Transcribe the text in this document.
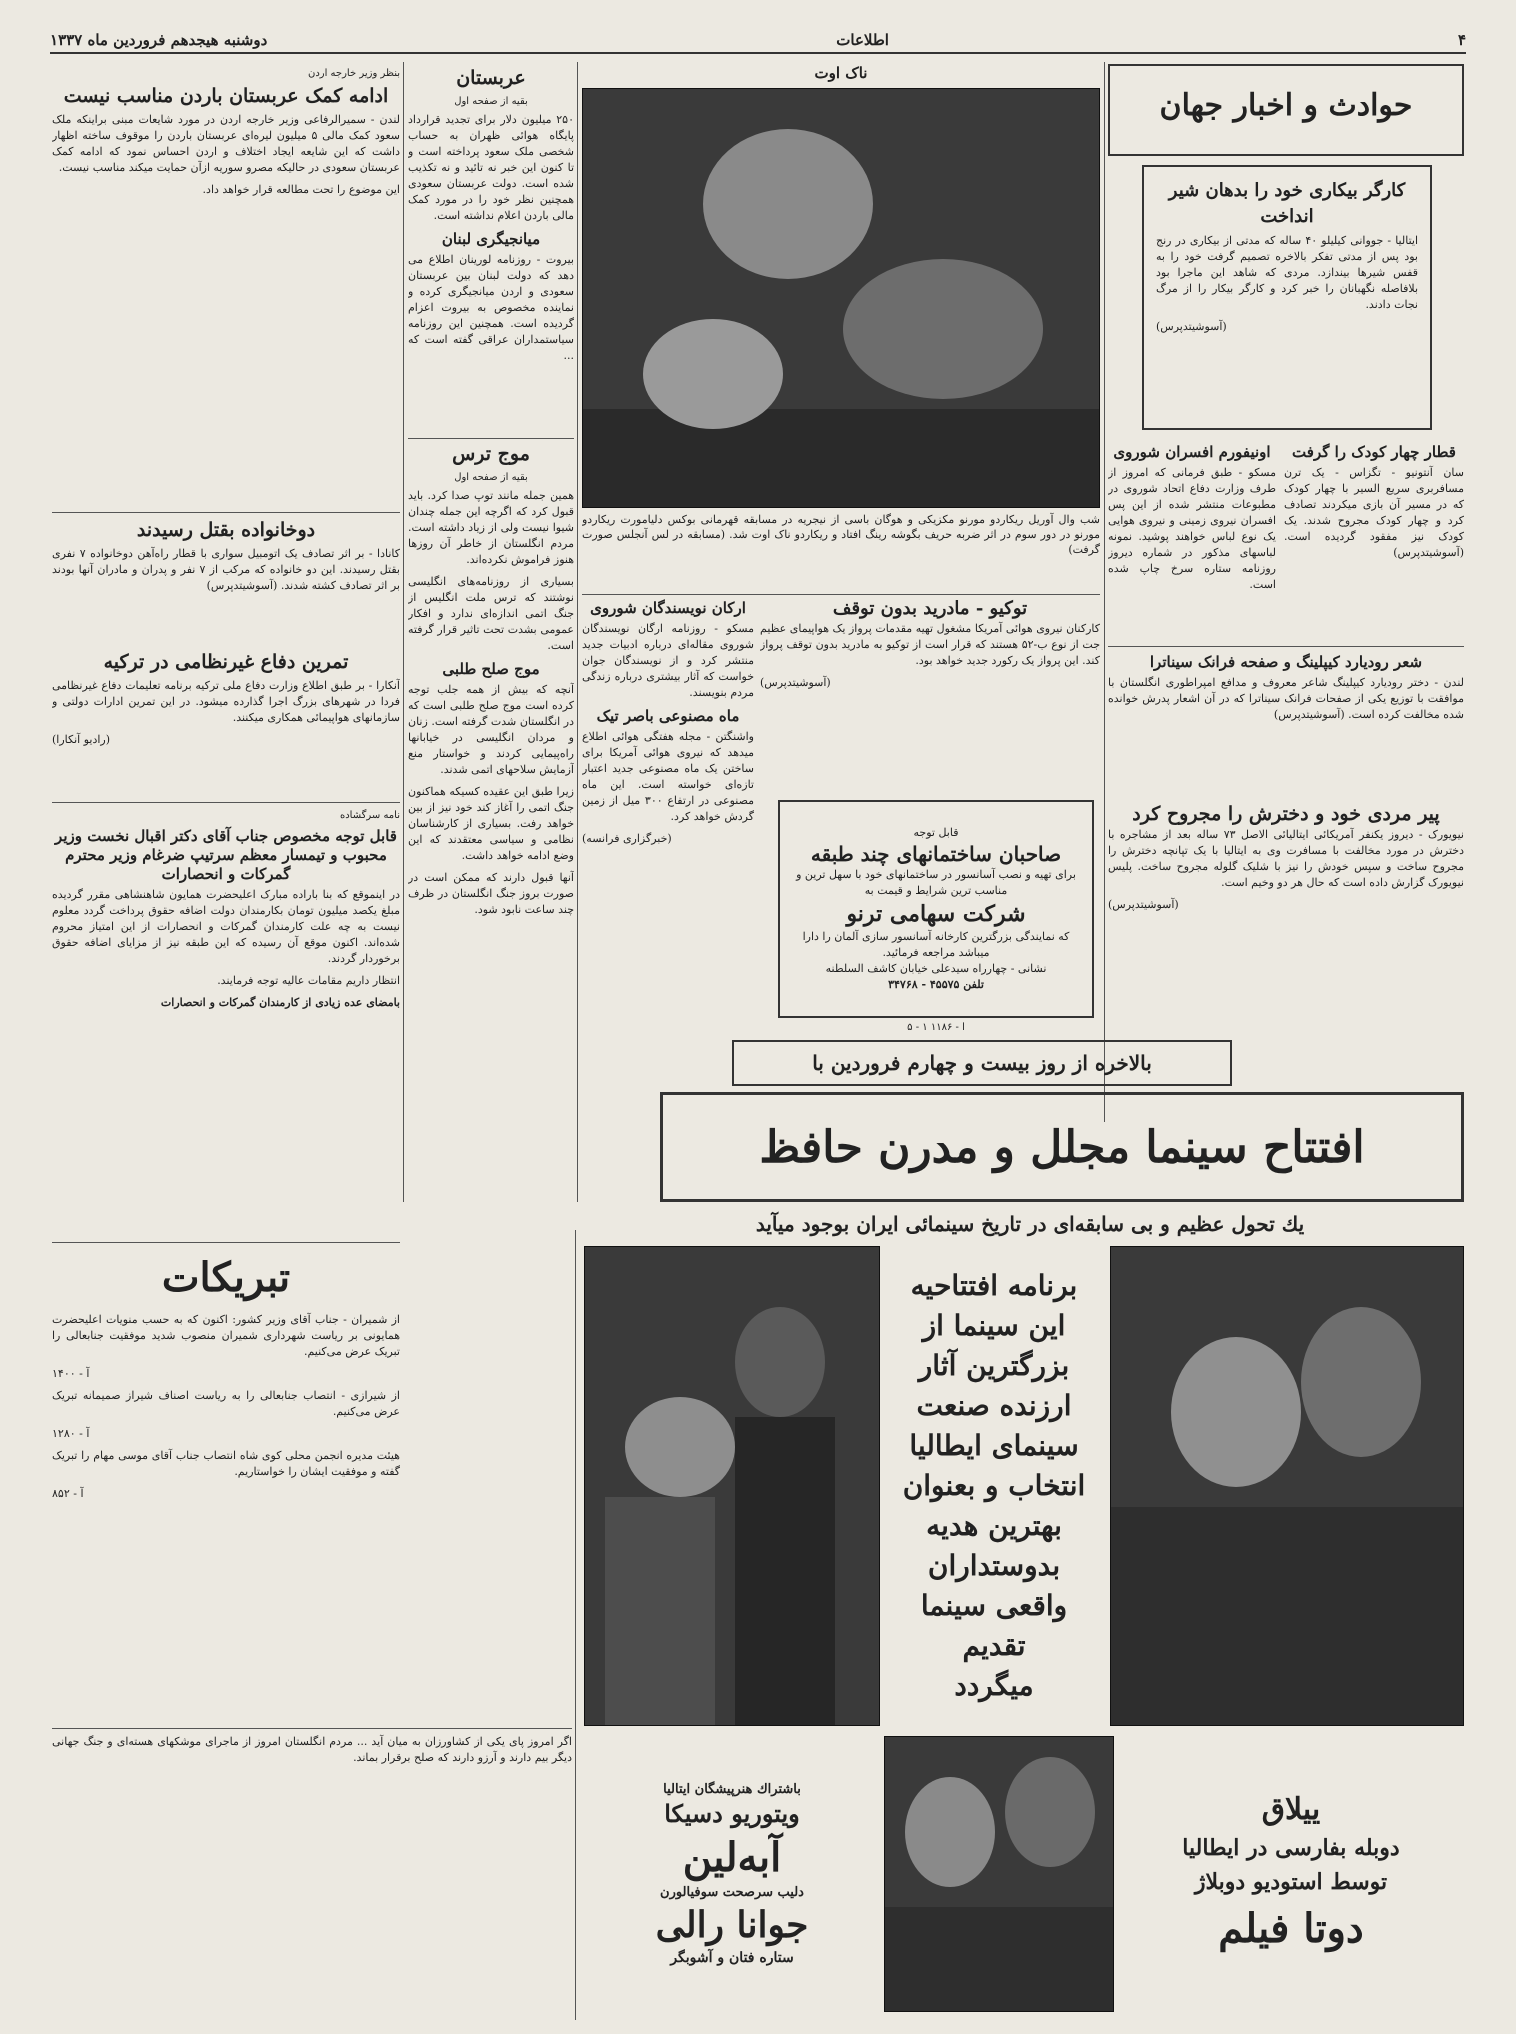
۴
اطلاعات
دوشنبه هیجدهم فروردین ماه ۱۳۳۷
حوادث و اخبار جهان
کارگر بیکاری خود را بدهان شیر انداخت

ایتالیا - جووانی کیلیلو ۴۰ ساله که مدتی از بیکاری در رنج بود پس از مدتی تفکر بالاخره تصمیم گرفت خود را به قفس شیرها بیندازد. مردی که شاهد این ماجرا بود بلافاصله نگهبانان را خبر کرد و کارگر بیکار را از مرگ نجات دادند.

(آسوشیتدپرس)

قطار چهار کودک را گرفت

سان آنتونیو - تگزاس - یک ترن مسافربری سریع السیر با چهار کودک که در مسیر آن بازی میکردند تصادف کرد و چهار کودک مجروح شدند. یک کودک نیز مفقود گردیده است. (آسوشیتدپرس)

اونیفورم افسران شوروی

مسکو - طبق فرمانی که امروز از طرف وزارت دفاع اتحاد شوروی در مطبوعات منتشر شده از این پس افسران نیروی زمینی و نیروی هوایی یک نوع لباس خواهند پوشید. نمونه لباسهای مذکور در شماره دیروز روزنامه ستاره سرخ چاپ شده است.

شعر رودیارد کیپلینگ و صفحه فرانک سیناترا

لندن - دختر رودیارد کیپلینگ شاعر معروف و مدافع امپراطوری انگلستان با موافقت با توزیع یکی از صفحات فرانک سیناترا که در آن اشعار پدرش خوانده شده مخالفت کرده است. (آسوشیتدپرس)

پیر مردی خود و دخترش را مجروح کرد

نیویورک - دیروز یکنفر آمریکائی ایتالیائی الاصل ۷۳ ساله بعد از مشاجره با دخترش در مورد مخالفت با مسافرت وی به ایتالیا با یک تپانچه دخترش را مجروح ساخت و سپس خودش را نیز با شلیک گلوله مجروح ساخت. پلیس نیویورک گزارش داده است که حال هر دو وخیم است.

(آسوشیتدپرس)

ناک اوت
شب وال آوریل ریکاردو مورنو مکزیکی و هوگان باسی از نیجریه در مسابقه قهرمانی بوکس دلیامورت ریکاردو مورنو در دور سوم در اثر ضربه حریف بگوشه رینگ افتاد و ریکاردو ناک اوت شد. (مسابقه در لس آنجلس صورت گرفت)
توکیو - مادرید بدون توقف

کارکنان نیروی هوائی آمریکا مشغول تهیه مقدمات پرواز یک هواپیمای عظیم جت از نوع ب-۵۲ هستند که قرار است از توکیو به مادرید بدون توقف پرواز کند. این پرواز یک رکورد جدید خواهد بود.

(آسوشیتدپرس)

ارکان نویسندگان شوروی

مسکو - روزنامه ارگان نویسندگان شوروی مقاله‌ای درباره ادبیات جدید منتشر کرد و از نویسندگان جوان خواست که آثار بیشتری درباره زندگی مردم بنویسند.

ماه مصنوعی باصر تیک

واشنگتن - مجله هفتگی هوائی اطلاع میدهد که نیروی هوائی آمریکا برای ساختن یک ماه مصنوعی جدید اعتبار تازه‌ای خواسته است. این ماه مصنوعی در ارتفاع ۳۰۰ میل از زمین گردش خواهد کرد.

(خبرگزاری فرانسه)	قابل توجه
صاحبان ساختمانهای چند طبقه
برای تهیه و نصب آسانسور در ساختمانهای خود با سهل ترین و مناسب ترین شرایط و قیمت به
شرکت سهامی ترنو
که نمایندگی بزرگترین کارخانه آسانسور سازی آلمان را دارا میباشد مراجعه فرمائید.
نشانی - چهارراه سیدعلی خیابان کاشف السلطنه
تلفن ۴۵۵۷۵ - ۳۴۷۶۸
آ - ۱۱۸۶ ۱ - ۵
عربستان
بقیه از صفحه اول

۲۵۰ میلیون دلار برای تجدید قرارداد پایگاه هوائی ظهران به حساب شخصی ملک سعود پرداخته است و تا کنون این خبر نه تائید و نه تکذیب شده است. دولت عربستان سعودی همچنین نظر خود را در مورد کمک مالی باردن اعلام نداشته است.

میانجیگری لبنان

بیروت - روزنامه لورینان اطلاع می دهد که دولت لبنان بین عربستان سعودی و اردن میانجیگری کرده و نماینده مخصوص به بیروت اعزام گردیده است. همچنین این روزنامه سیاستمداران عراقی گفته است که ...

موج ترس
بقیه از صفحه اول

همین جمله مانند توپ صدا کرد. باید قبول کرد که اگرچه این جمله چندان شیوا نیست ولی از زیاد داشته است. مردم انگلستان از خاطر آن روزها هنوز فراموش نکرده‌اند.

بسیاری از روزنامه‌های انگلیسی نوشتند که ترس ملت انگلیس از جنگ اتمی اندازه‌ای ندارد و افکار عمومی بشدت تحت تاثیر قرار گرفته است.

موج صلح طلبی

آنچه که بیش از همه جلب توجه کرده است موج صلح طلبی است که در انگلستان شدت گرفته است. زنان و مردان انگلیسی در خیابانها راه‌پیمایی کردند و خواستار منع آزمایش سلاحهای اتمی شدند.

زیرا طبق این عقیده کسیکه هماکنون جنگ اتمی را آغاز کند خود نیز از بین خواهد رفت. بسیاری از کارشناسان نظامی و سیاسی معتقدند که این وضع ادامه خواهد داشت.

آنها قبول دارند که ممکن است در صورت بروز جنگ انگلستان در ظرف چند ساعت نابود شود.

بنظر وزیر خارجه اردن
ادامه کمک عربستان باردن مناسب نیست

لندن - سمیرالرفاعی وزیر خارجه اردن در مورد شایعات مبنی براینکه ملک سعود کمک مالی ۵ میلیون لیره‌ای عربستان باردن را موقوف ساخته اظهار داشت که این شایعه ایجاد اختلاف و اردن احساس نمود که ادامه کمک عربستان سعودی در حالیکه مصرو سوریه ازآن حمایت میکند مناسب نیست.

این موضوع را تحت مطالعه قرار خواهد داد.

دوخانواده بقتل رسیدند

کانادا - بر اثر تصادف یک اتومبیل سواری با قطار راه‌آهن دوخانواده ۷ نفری بقتل رسیدند. این دو خانواده که مرکب از ۷ نفر و پدران و مادران آنها بودند بر اثر تصادف کشته شدند. (آسوشیتدپرس)

تمرین دفاع غیرنظامی در ترکیه

آنکارا - بر طبق اطلاع وزارت دفاع ملی ترکیه برنامه تعلیمات دفاع غیرنظامی فردا در شهرهای بزرگ اجرا گذارده میشود. در این تمرین ادارات دولتی و سازمانهای هواپیمائی همکاری میکنند.

(رادیو آنکارا)

نامه سرگشاده
قابل توجه مخصوص جناب آقای دکتر اقبال نخست وزیر محبوب و تیمسار معظم سرتیپ ضرغام وزیر محترم گمرکات و انحصارات

در اینموقع که بنا باراده مبارک اعلیحضرت همایون شاهنشاهی مقرر گردیده مبلغ یکصد میلیون تومان بکارمندان دولت اضافه حقوق پرداخت گردد معلوم نیست به چه علت کارمندان گمرکات و انحصارات از این امتیاز محروم شده‌اند. اکنون موقع آن رسیده که این طبقه نیز از مزایای اضافه حقوق برخوردار گردند.

انتظار داریم مقامات عالیه توجه فرمایند.

بامضای عده زیادی از کارمندان گمرکات و انحصارات

تبریکات

از شمیران - جناب آقای وزیر کشور: اکنون که به حسب منویات اعلیحضرت همایونی بر ریاست شهرداری شمیران منصوب شدید موفقیت جنابعالی را تبریک عرض می‌کنیم.

آ - ۱۴۰۰

از شیرازی - انتصاب جنابعالی را به ریاست اصناف شیراز صمیمانه تبریک عرض می‌کنیم.

آ - ۱۲۸۰

هیئت مدیره انجمن محلی کوی شاه انتصاب جناب آقای موسی مهام را تبریک گفته و موفقیت ایشان را خواستاریم.

آ - ۸۵۲

اگر امروز پای یکی از کشاورزان به میان آید ... مردم انگلستان امروز از ماجرای موشکهای هسته‌ای و جنگ جهانی دیگر بیم دارند و آرزو دارند که صلح برقرار بماند.

بالاخره از روز بیست و چهارم فروردین با
افتتاح سینما مجلل و مدرن حافظ
یك تحول عظیم و بی سابقه‌ای در تاریخ سینمائی ایران بوجود میآید
برنامه افتتاحیه
این سینما از
بزرگترین آثار
ارزنده صنعت
سینمای ایطالیا
انتخاب و بعنوان
بهترین هدیه
بدوستداران
واقعی سینما
تقدیم
میگردد
باشتراك هنرپیشگان ایتالیا
ویتوریو دسیکا
آبه‌لین
دلیب سرصحت سوفیالورن
جوانا رالی
ستاره فتان و آشوبگر
ییلاق
دوبله بفارسی در ایطالیا
توسط استودیو دوبلاژ
دوتا فیلم
